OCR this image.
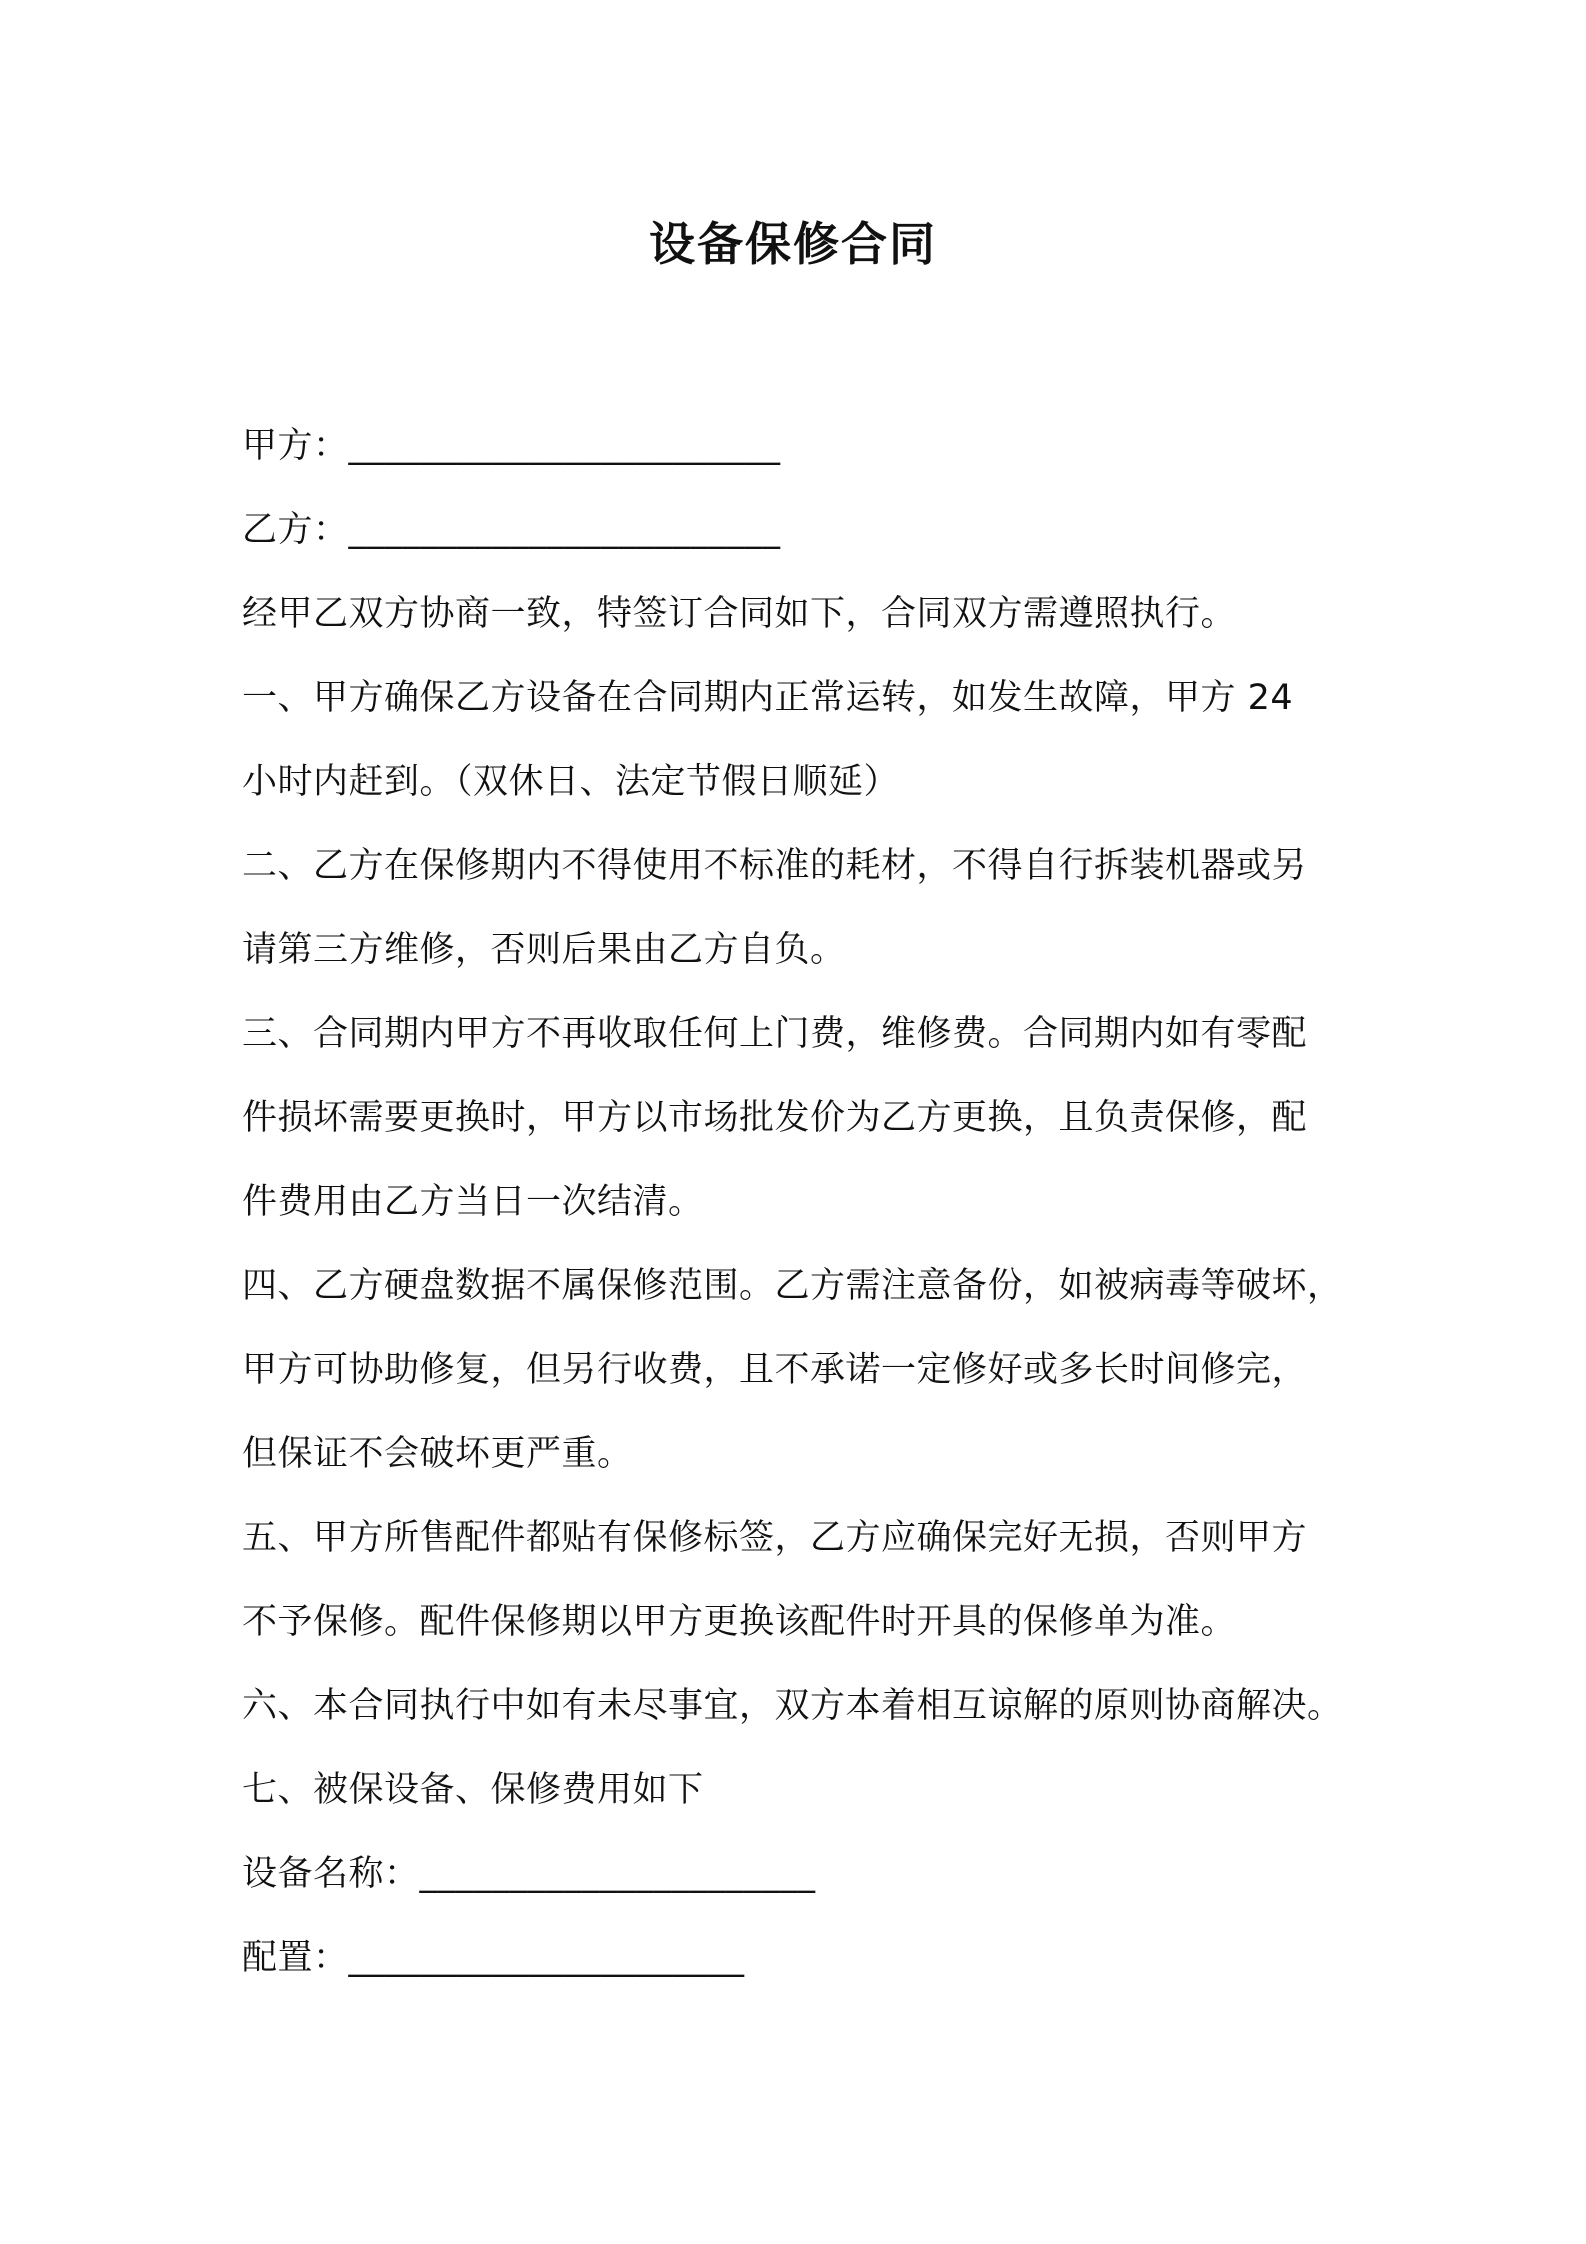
设备保修合同
甲方：________________________
乙方：________________________
经甲乙双方协商一致，特签订合同如下，合同双方需遵照执行。
一、甲方确保乙方设备在合同期内正常运转，如发生故障，甲方 24
小时内赶到。（双休日、法定节假日顺延）
二、乙方在保修期内不得使用不标准的耗材，不得自行拆装机器或另
请第三方维修，否则后果由乙方自负。
三、合同期内甲方不再收取任何上门费，维修费。合同期内如有零配
件损坏需要更换时，甲方以市场批发价为乙方更换，且负责保修，配
件费用由乙方当日一次结清。
四、乙方硬盘数据不属保修范围。乙方需注意备份，如被病毒等破坏，
甲方可协助修复，但另行收费，且不承诺一定修好或多长时间修完，
但保证不会破坏更严重。
五、甲方所售配件都贴有保修标签，乙方应确保完好无损，否则甲方
不予保修。配件保修期以甲方更换该配件时开具的保修单为准。
六、本合同执行中如有未尽事宜，双方本着相互谅解的原则协商解决。
七、被保设备、保修费用如下
设备名称：______________________
配置：______________________
